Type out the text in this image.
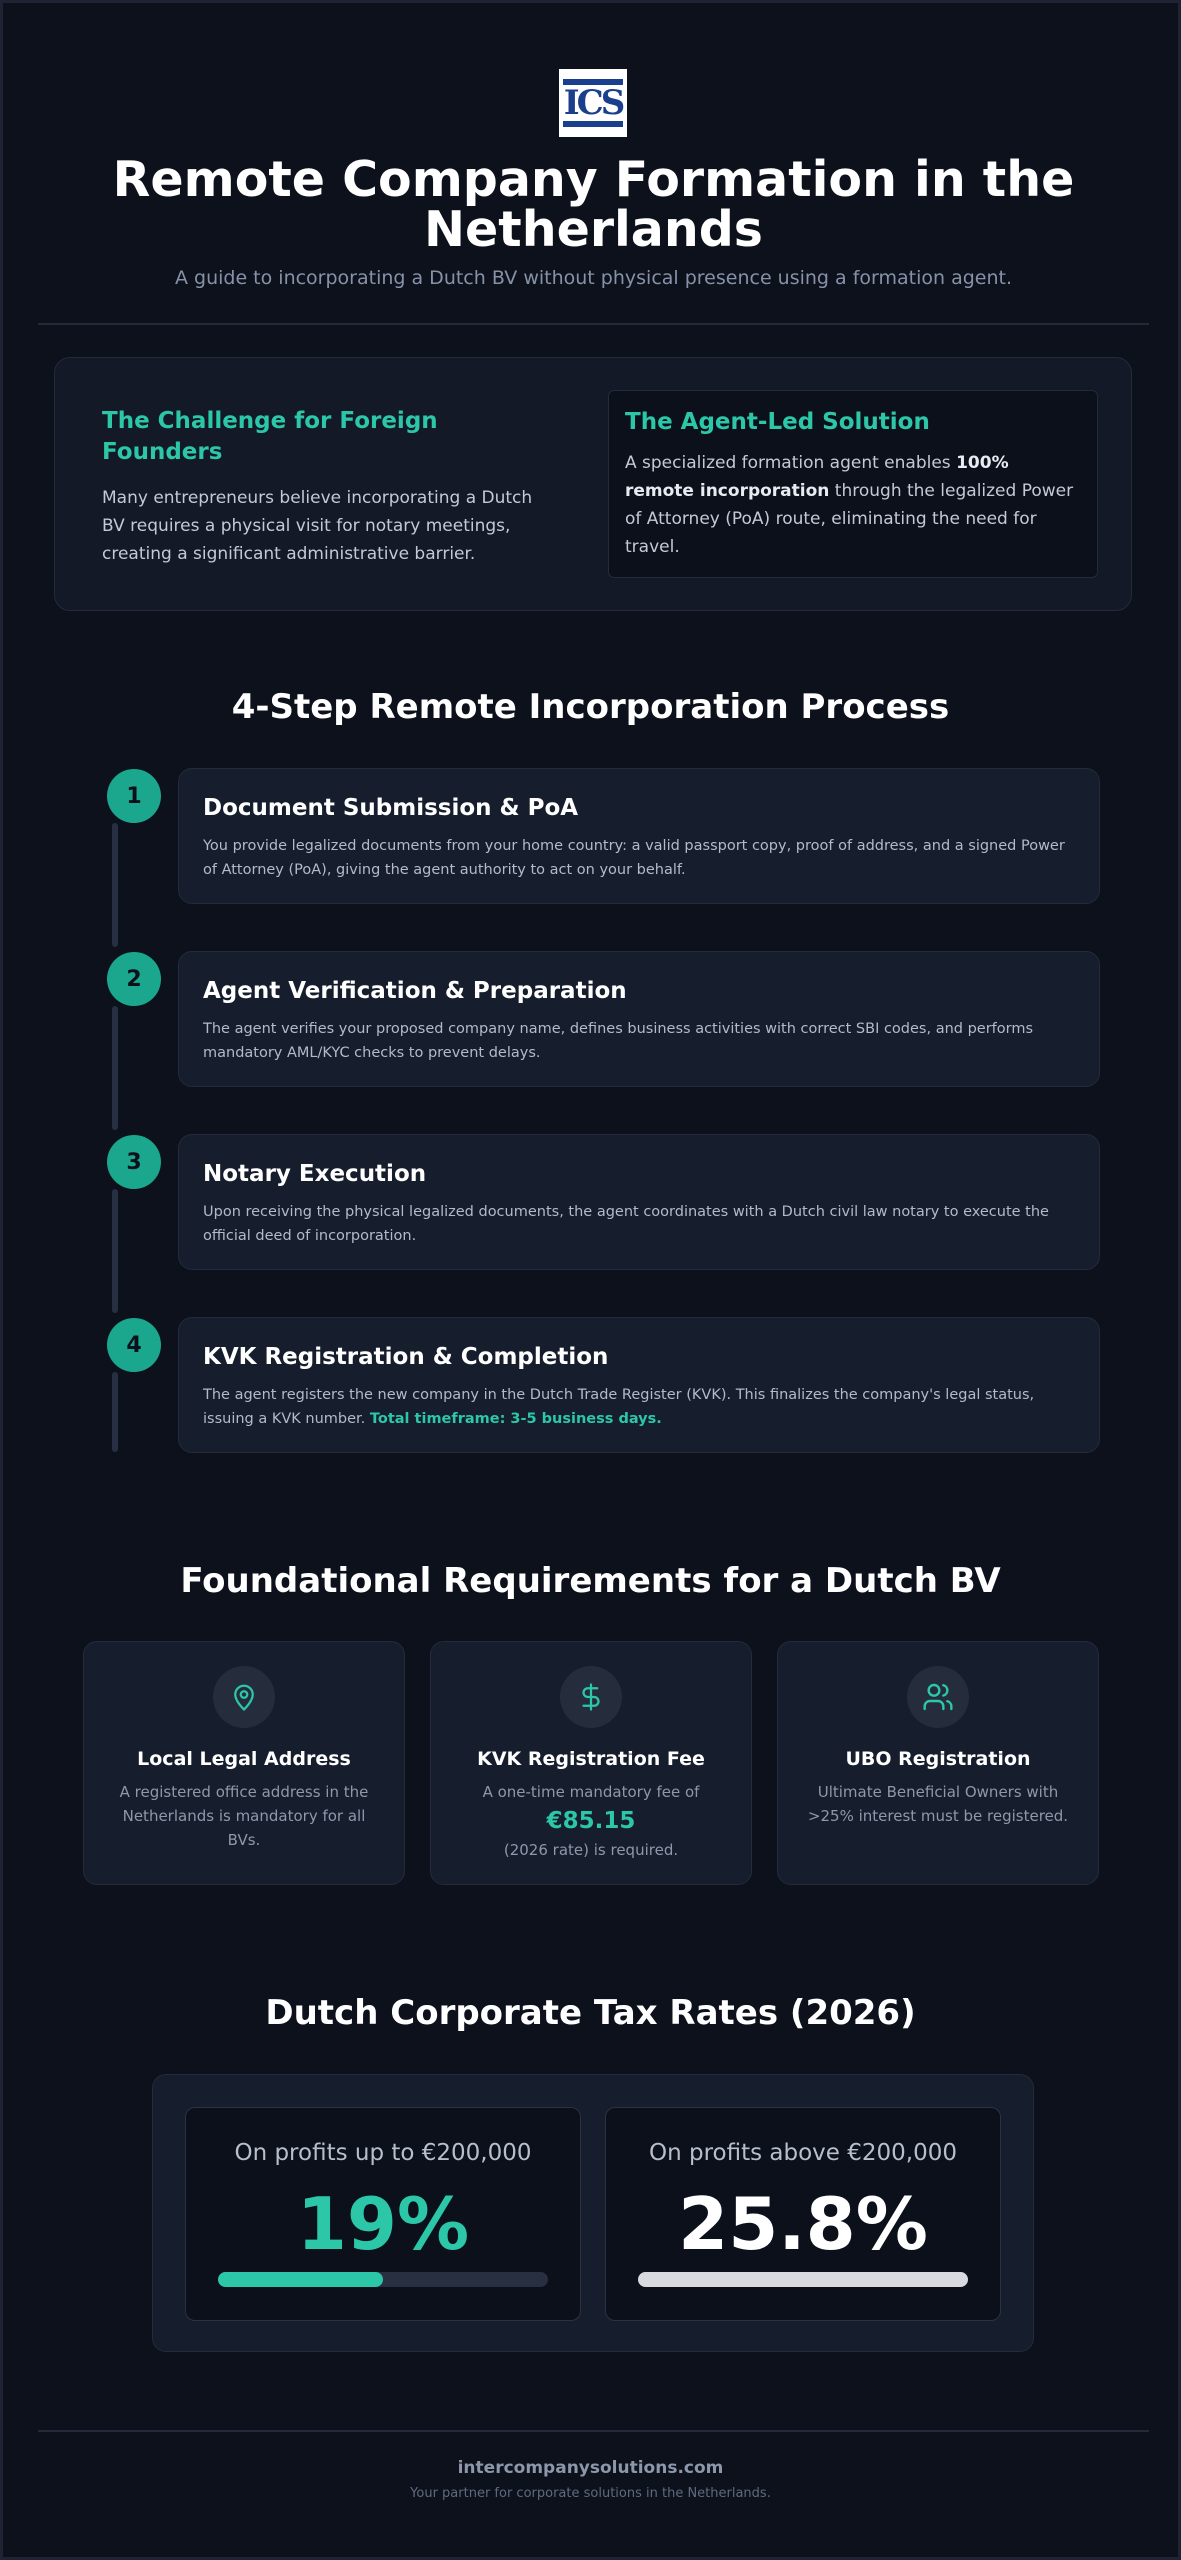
ICS
Remote Company Formation in the Netherlands
A guide to incorporating a Dutch BV without physical presence using a formation agent.
The Challenge for Foreign Founders

Many entrepreneurs believe incorporating a Dutch BV requires a physical visit for notary meetings, creating a significant administrative barrier.

The Agent-Led Solution

A specialized formation agent enables 100% remote incorporation through the legalized Power of Attorney (PoA) route, eliminating the need for travel.

4-Step Remote Incorporation Process
1	Document Submission & PoA

You provide legalized documents from your home country: a valid passport copy, proof of address, and a signed Power of Attorney (PoA), giving the agent authority to act on your behalf.

2	Agent Verification & Preparation

The agent verifies your proposed company name, defines business activities with correct SBI codes, and performs mandatory AML/KYC checks to prevent delays.

3	Notary Execution

Upon receiving the physical legalized documents, the agent coordinates with a Dutch civil law notary to execute the official deed of incorporation.

4	KVK Registration & Completion

The agent registers the new company in the Dutch Trade Register (KVK). This finalizes the company's legal status, issuing a KVK number. Total timeframe: 3-5 business days.

Foundational Requirements for a Dutch BV
Local Legal Address
A registered office address in the Netherlands is mandatory for all BVs.
KVK Registration Fee
A one-time mandatory fee of
€85.15
(2026 rate) is required.
UBO Registration
Ultimate Beneficial Owners with >25% interest must be registered.
Dutch Corporate Tax Rates (2026)
On profits up to €200,000
19%
On profits above €200,000
25.8%
intercompanysolutions.com
Your partner for corporate solutions in the Netherlands.
